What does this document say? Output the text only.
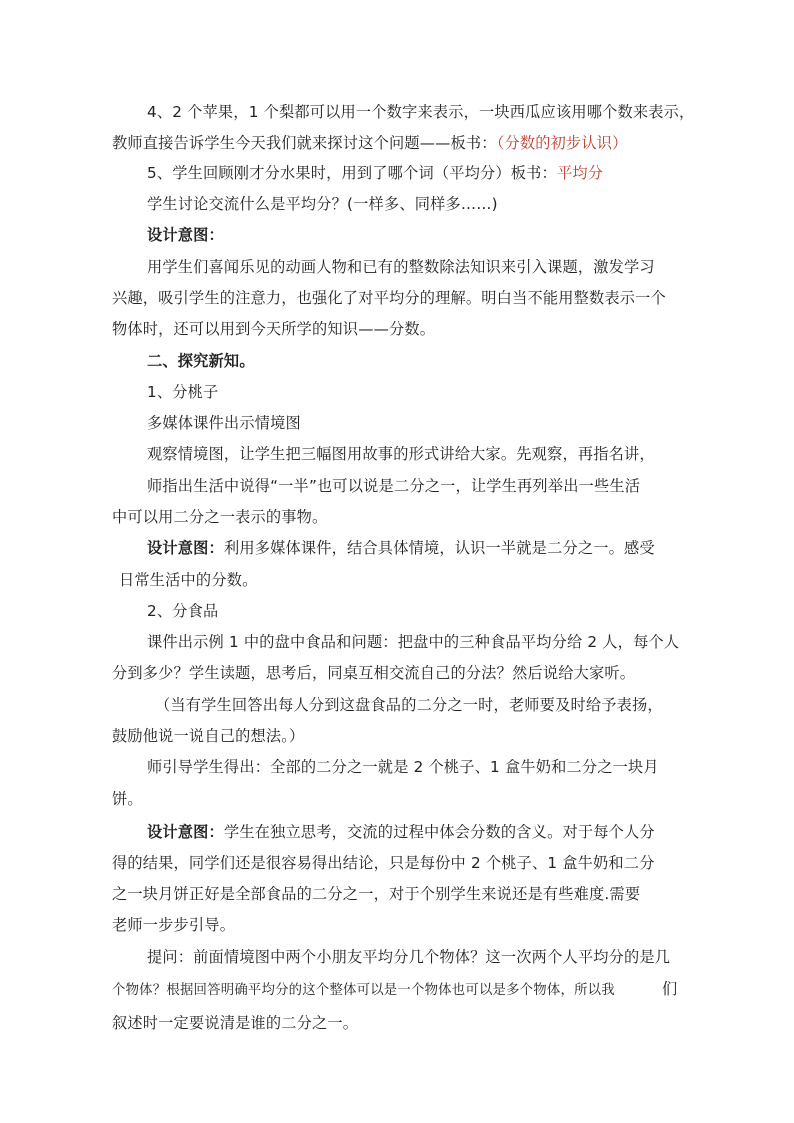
4、2 个苹果，1 个梨都可以用一个数字来表示，一块西瓜应该用哪个数来表示，
教师直接告诉学生今天我们就来探讨这个问题——板书：（分数的初步认识）
5、学生回顾刚才分水果时，用到了哪个词（平均分）板书：平均分
学生讨论交流什么是平均分？(一样多、同样多……)
设计意图：
用学生们喜闻乐见的动画人物和已有的整数除法知识来引入课题，激发学习
兴趣，吸引学生的注意力，也强化了对平均分的理解。明白当不能用整数表示一个
物体时，还可以用到今天所学的知识——分数。
二、探究新知。
1、分桃子
多媒体课件出示情境图
观察情境图，让学生把三幅图用故事的形式讲给大家。先观察，再指名讲，
师指出生活中说得“一半”也可以说是二分之一，让学生再列举出一些生活
中可以用二分之一表示的事物。
设计意图：利用多媒体课件，结合具体情境，认识一半就是二分之一。感受
日常生活中的分数。
2、分食品
课件出示例 1 中的盘中食品和问题：把盘中的三种食品平均分给 2 人，每个人
分到多少？学生读题，思考后，同桌互相交流自己的分法？然后说给大家听。
（当有学生回答出每人分到这盘食品的二分之一时，老师要及时给予表扬，
鼓励他说一说自己的想法。）
师引导学生得出：全部的二分之一就是 2 个桃子、1 盒牛奶和二分之一块月
饼。
设计意图：学生在独立思考，交流的过程中体会分数的含义。对于每个人分
得的结果，同学们还是很容易得出结论，只是每份中 2 个桃子、1 盒牛奶和二分
之一块月饼正好是全部食品的二分之一，对于个别学生来说还是有些难度.需要
老师一步步引导。
提问：前面情境图中两个小朋友平均分几个物体？这一次两个人平均分的是几
个物体？根据回答明确平均分的这个整体可以是一个物体也可以是多个物体，所以我	们
叙述时一定要说清是谁的二分之一。
